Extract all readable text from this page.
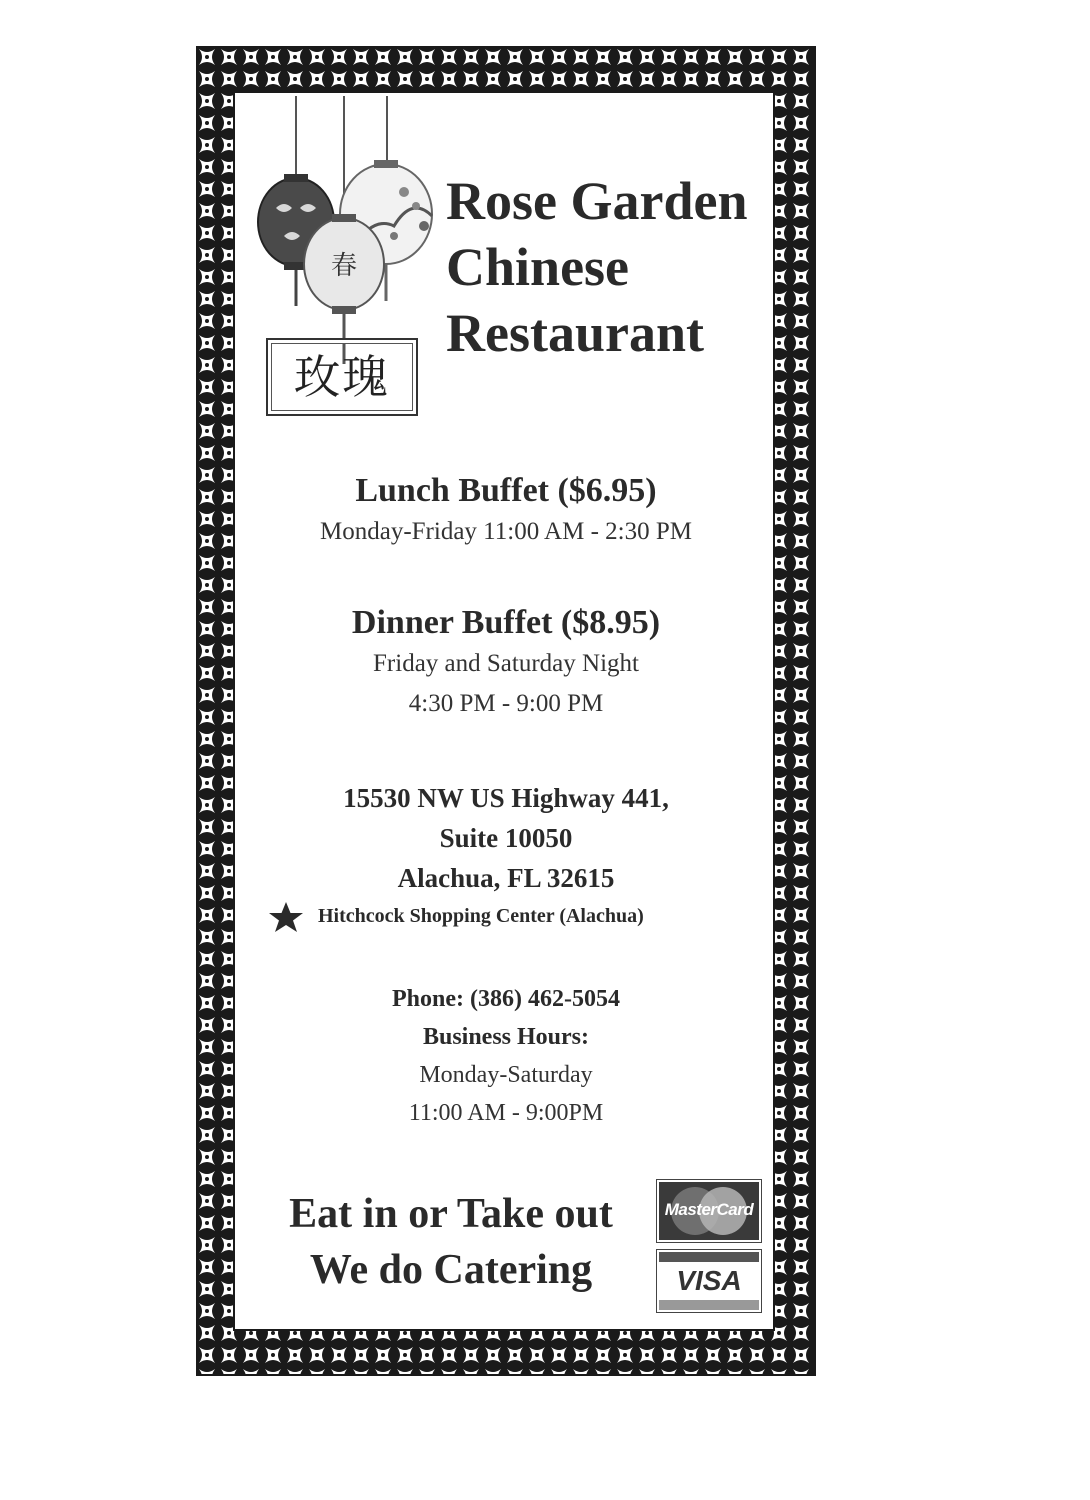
春
Rose Garden
Chinese
Restaurant
玫瑰
Lunch Buffet ($6.95)
Monday-Friday 11:00 AM - 2:30 PM
Dinner Buffet ($8.95)
Friday and Saturday Night
4:30 PM - 9:00 PM
15530 NW US Highway 441,
Suite 10050
Alachua, FL 32615
Hitchcock Shopping Center (Alachua)
Phone: (386) 462-5054
Business Hours:
Monday-Saturday
11:00 AM - 9:00PM
Eat in or Take out
We do Catering
MasterCard
VISA
